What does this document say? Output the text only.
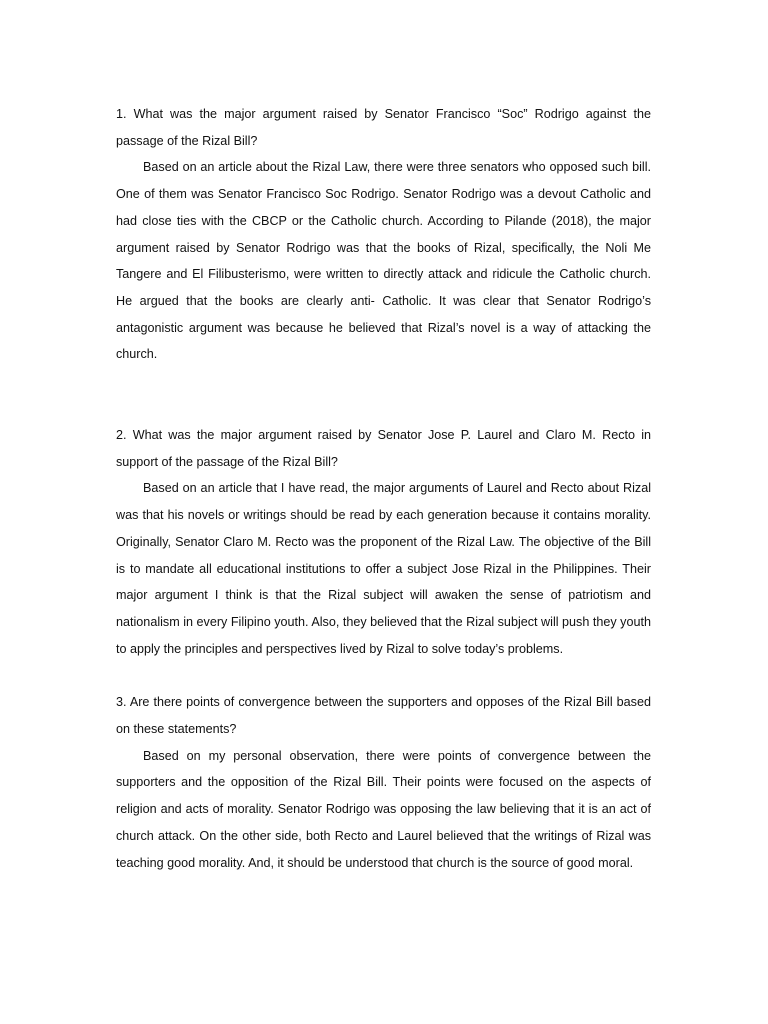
1. What was the major argument raised by Senator Francisco “Soc” Rodrigo against the passage of the Rizal Bill?

Based on an article about the Rizal Law, there were three senators who opposed such bill. One of them was Senator Francisco Soc Rodrigo. Senator Rodrigo was a devout Catholic and had close ties with the CBCP or the Catholic church. According to Pilande (2018), the major argument raised by Senator Rodrigo was that the books of Rizal, specifically, the Noli Me Tangere and El Filibusterismo, were written to directly attack and ridicule the Catholic church. He argued that the books are clearly anti- Catholic. It was clear that Senator Rodrigo’s antagonistic argument was because he believed that Rizal’s novel is a way of attacking the church.

2. What was the major argument raised by Senator Jose P. Laurel and Claro M. Recto in support of the passage of the Rizal Bill?

Based on an article that I have read, the major arguments of Laurel and Recto about Rizal was that his novels or writings should be read by each generation because it contains morality. Originally, Senator Claro M. Recto was the proponent of the Rizal Law. The objective of the Bill is to mandate all educational institutions to offer a subject Jose Rizal in the Philippines. Their major argument I think is that the Rizal subject will awaken the sense of patriotism and nationalism in every Filipino youth. Also, they believed that the Rizal subject will push they youth to apply the principles and perspectives lived by Rizal to solve today’s problems.

3. Are there points of convergence between the supporters and opposes of the Rizal Bill based on these statements?

Based on my personal observation, there were points of convergence between the supporters and the opposition of the Rizal Bill. Their points were focused on the aspects of religion and acts of morality. Senator Rodrigo was opposing the law believing that it is an act of church attack. On the other side, both Recto and Laurel believed that the writings of Rizal was teaching good morality. And, it should be understood that church is the source of good moral.
